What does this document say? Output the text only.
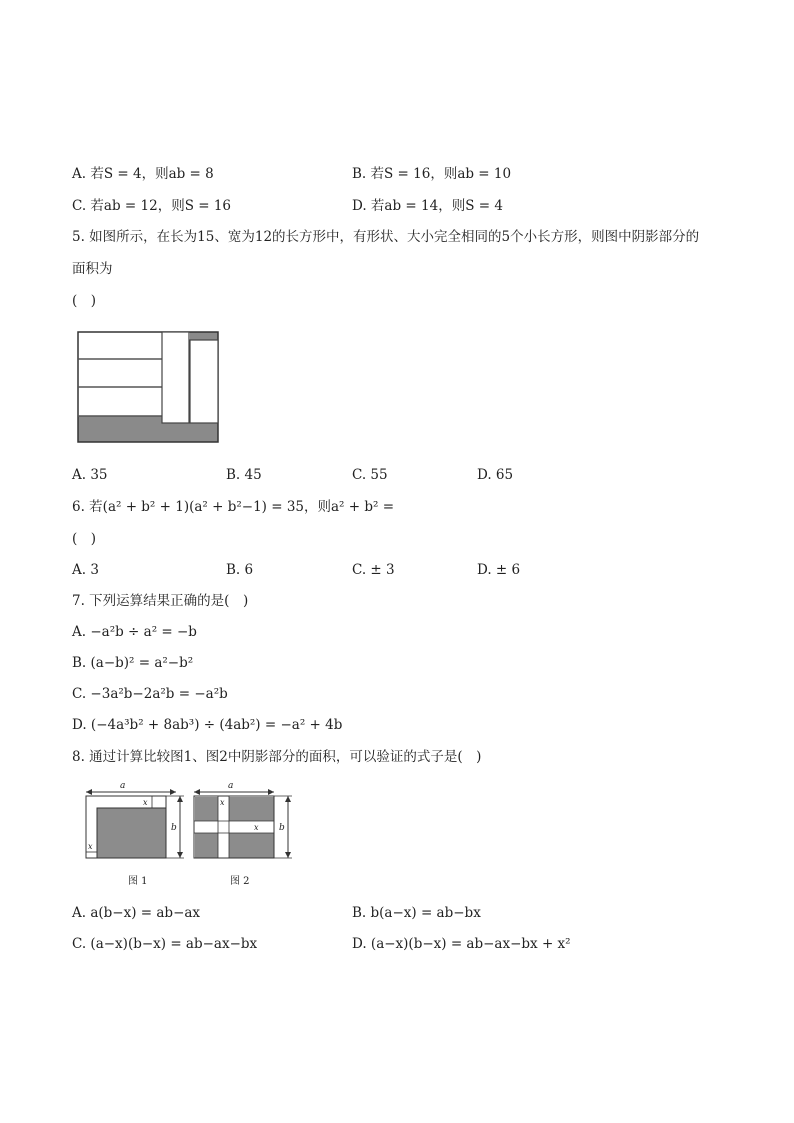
A. 若S = 4，则ab = 8	B. 若S = 16，则ab = 10
C. 若ab = 12，则S = 16	D. 若ab = 14，则S = 4
5. 如图所示，在长为15、宽为12的长方形中，有形状、大小完全相同的5个小长方形，则图中阴影部分的
面积为
(　)
A. 35	B. 45	C. 55	D. 65
6. 若(a² + b² + 1)(a² + b²−1) = 35，则a² + b² =
(　)
A. 3	B. 6	C. ± 3	D. ± 6
7. 下列运算结果正确的是(　)
A. −a²b ÷ a² = −b
B. (a−b)² = a²−b²
C. −3a²b−2a²b = −a²b
D. (−4a³b² + 8ab³) ÷ (4ab²) = −a² + 4b
8. 通过计算比较图1、图2中阴影部分的面积，可以验证的式子是(　)
a
b
x
x
图 1
a
b
x
x
图 2
A. a(b−x) = ab−ax	B. b(a−x) = ab−bx
C. (a−x)(b−x) = ab−ax−bx	D. (a−x)(b−x) = ab−ax−bx + x²
